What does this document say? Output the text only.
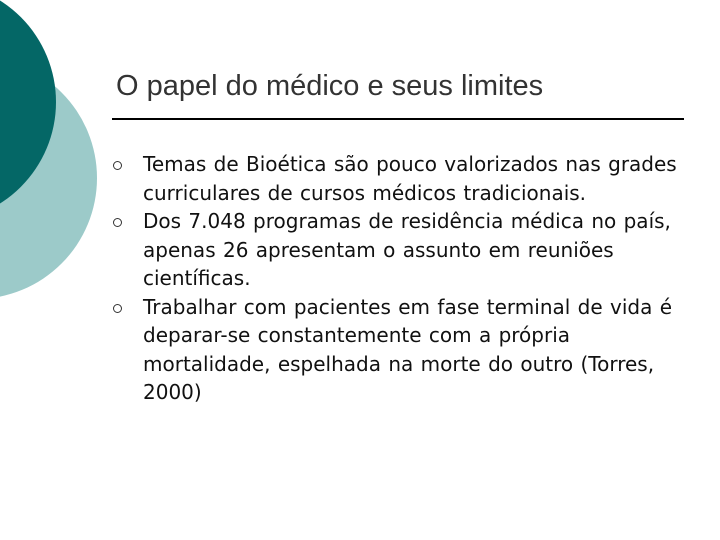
O papel do médico e seus limites
Temas de Bioética são pouco valorizados nas grades curriculares de cursos médicos tradicionais.
Dos 7.048 programas de residência médica no país, apenas 26 apresentam o assunto em reuniões científicas.
Trabalhar com pacientes em fase terminal de vida é deparar-se constantemente com a própria mortalidade, espelhada na morte do outro (Torres, 2000)
